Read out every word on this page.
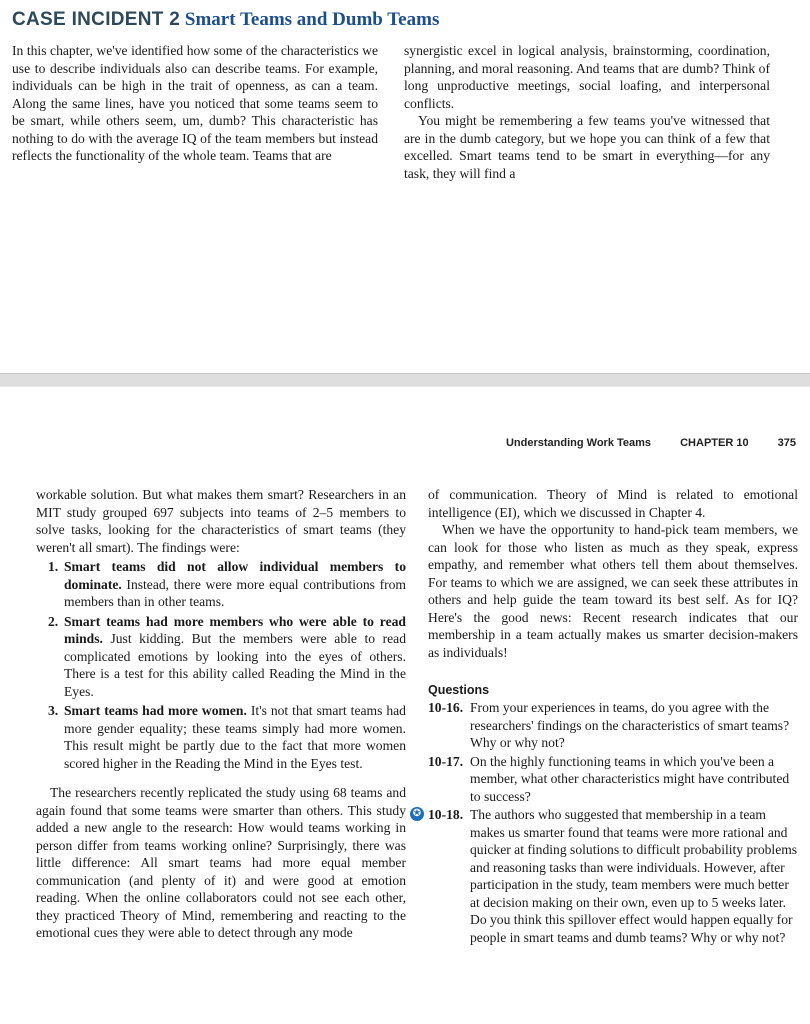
CASE INCIDENT 2 Smart Teams and Dumb Teams

In this chapter, we've identified how some of the characteristics we use to describe individuals also can describe teams. For example, individuals can be high in the trait of openness, as can a team. Along the same lines, have you noticed that some teams seem to be smart, while others seem, um, dumb? This characteristic has nothing to do with the average IQ of the team members but instead reflects the functionality of the whole team. Teams that are

synergistic excel in logical analysis, brainstorming, coordination, planning, and moral reasoning. And teams that are dumb? Think of long unproductive meetings, social loafing, and interpersonal conflicts.

You might be remembering a few teams you've witnessed that are in the dumb category, but we hope you can think of a few that excelled. Smart teams tend to be smart in everything—for any task, they will find a

Understanding Work Teams	CHAPTER 10	375

workable solution. But what makes them smart? Researchers in an MIT study grouped 697 subjects into teams of 2–5 members to solve tasks, looking for the characteristics of smart teams (they weren't all smart). The findings were:

1. Smart teams did not allow individual members to dominate. Instead, there were more equal contributions from members than in other teams.
2. Smart teams had more members who were able to read minds. Just kidding. But the members were able to read complicated emotions by looking into the eyes of others. There is a test for this ability called Reading the Mind in the Eyes.
3. Smart teams had more women. It's not that smart teams had more gender equality; these teams simply had more women. This result might be partly due to the fact that more women scored higher in the Reading the Mind in the Eyes test.

The researchers recently replicated the study using 68 teams and again found that some teams were smarter than others. This study added a new angle to the research: How would teams working in person differ from teams working online? Surprisingly, there was little difference: All smart teams had more equal member communication (and plenty of it) and were good at emotion reading. When the online collaborators could not see each other, they practiced Theory of Mind, remembering and reacting to the emotional cues they were able to detect through any mode

of communication. Theory of Mind is related to emotional intelligence (EI), which we discussed in Chapter 4.

When we have the opportunity to hand-pick team members, we can look for those who listen as much as they speak, express empathy, and remember what others tell them about themselves. For teams to which we are assigned, we can seek these attributes in others and help guide the team toward its best self. As for IQ? Here's the good news: Recent research indicates that our membership in a team actually makes us smarter decision-makers as individuals!

Questions
10-16. From your experiences in teams, do you agree with the researchers' findings on the characteristics of smart teams? Why or why not?
10-17. On the highly functioning teams in which you've been a member, what other characteristics might have contributed to success?
✪ 10-18. The authors who suggested that membership in a team makes us smarter found that teams were more rational and quicker at finding solutions to difficult probability problems and reasoning tasks than were individuals. However, after participation in the study, team members were much better at decision making on their own, even up to 5 weeks later. Do you think this spillover effect would happen equally for people in smart teams and dumb teams? Why or why not?
